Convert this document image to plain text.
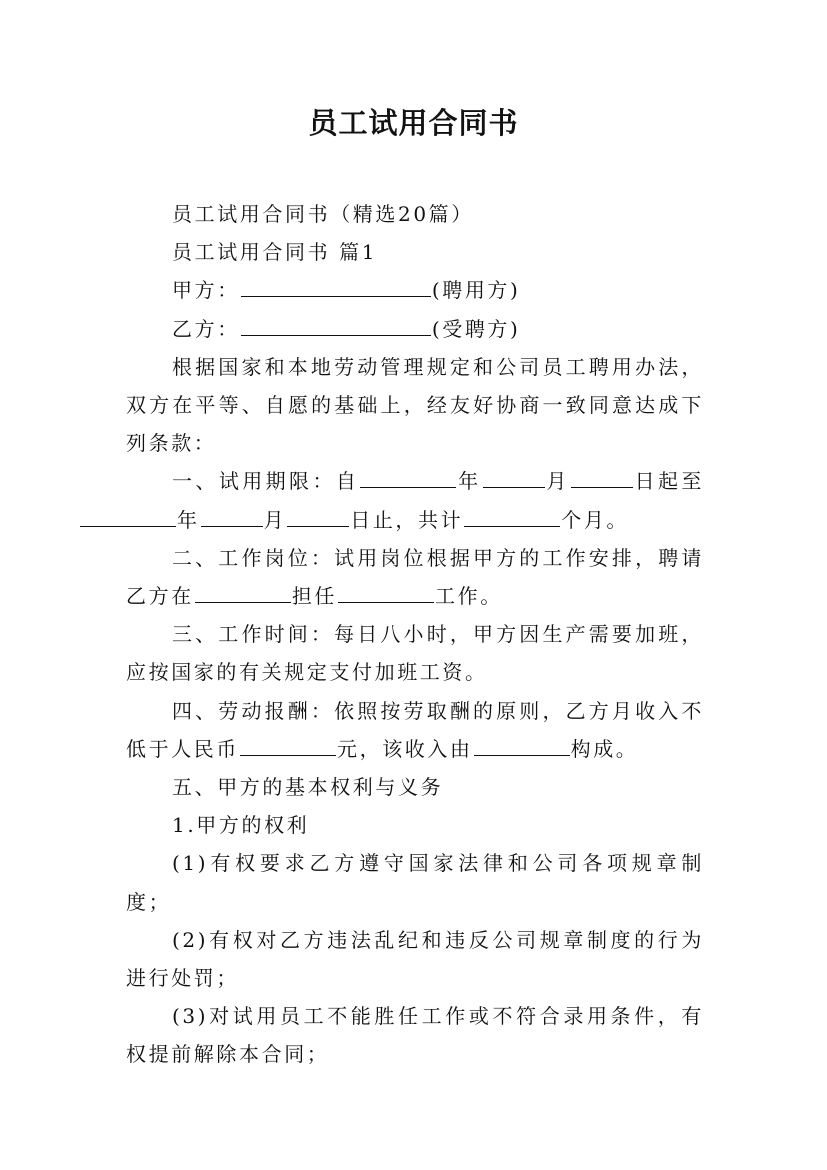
员工试用合同书

员工试用合同书（精选20篇）

员工试用合同书 篇1

甲方：	(聘用方)

乙方：	(受聘方)

根据国家和本地劳动管理规定和公司员工聘用办法，双方在平等、自愿的基础上，经友好协商一致同意达成下列条款：

一、试用期限：自	年	月	日起至年	月	日止，共计	个月。

二、工作岗位：试用岗位根据甲方的工作安排，聘请乙方在	担任	工作。

三、工作时间：每日八小时，甲方因生产需要加班，应按国家的有关规定支付加班工资。

四、劳动报酬：依照按劳取酬的原则，乙方月收入不低于人民币	元，该收入由	构成。

五、甲方的基本权利与义务

1.甲方的权利

(1)有权要求乙方遵守国家法律和公司各项规章制度；

(2)有权对乙方违法乱纪和违反公司规章制度的行为进行处罚；

(3)对试用员工不能胜任工作或不符合录用条件，有权提前解除本合同；
